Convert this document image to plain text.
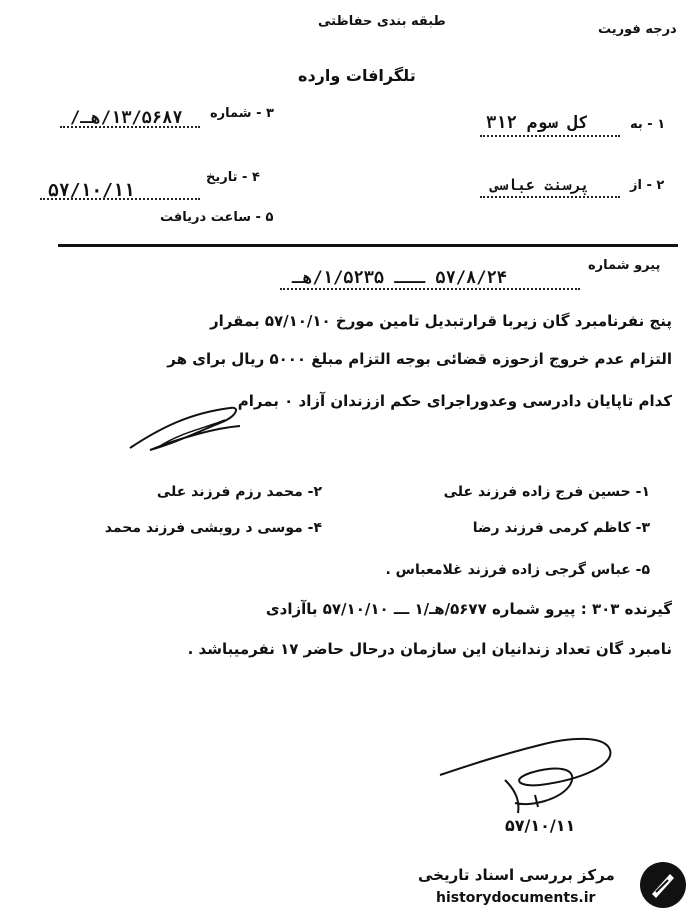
درجه فوریت
طبقه بندی حفاظتی
تلگرافات وارده
۱ - به
کل سوم ۳۱۲
۲ - از
پرسنت عباسی
۳ - شماره
۱۳/۵۶۸۷/هـ/
۴ - تاریخ
۵۷/۱۰/۱۱
۵ - ساعت دریافت
پیرو شماره
۵۷/۸/۲۴ ـــ ۱/۵۲۳۵/هـ
پنج نفرنامبرد گان زیربا قرارتبدیل تامین مورخ ۵۷/۱۰/۱۰ بمقرار
التزام عدم خروج ازحوزه قضائی بوجه التزام مبلغ ۵۰۰۰ ریال برای هر
کدام تاپایان دادرسی وعدوراجرای حکم اززندان آزاد ۰ بمرام
۱- حسین فرج زاده فرزند علی
۲- محمد رزم فرزند علی
۳- کاظم کرمی فرزند رضا
۴- موسی د رویشی فرزند محمد
۵- عباس گرجی زاده فرزند غلامعباس .
گیرنده ۳۰۳ : پیرو شماره ۵۶۷۷/هـ/۱ ـــ ۵۷/۱۰/۱۰ باآزادی
نامبرد گان تعداد زندانیان این سازمان درحال حاضر ۱۷ نفرمیباشد .
۵۷/۱۰/۱۱
مرکز بررسی اسناد تاریخی
historydocuments.ir
